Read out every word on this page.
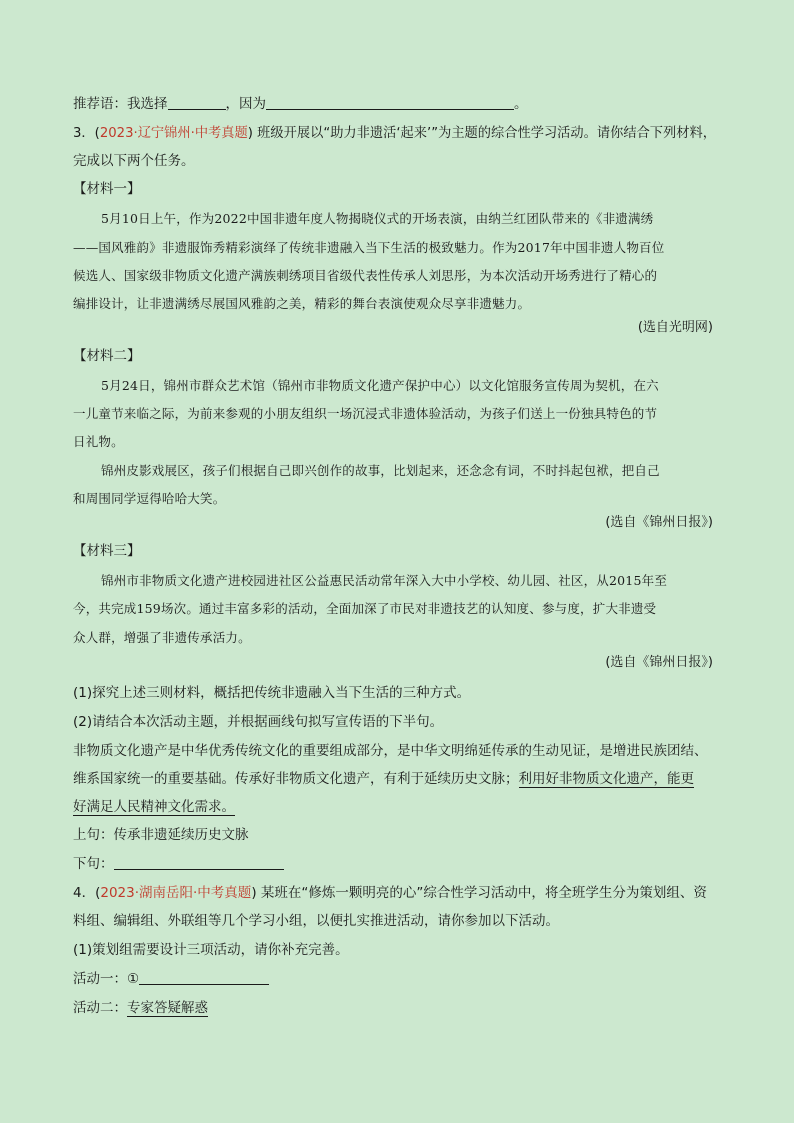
推荐语：我选择	，因为	。
3．(2023·辽宁锦州·中考真题) 班级开展以“助力非遗活‘起来’”为主题的综合性学习活动。请你结合下列材料，
完成以下两个任务。
【材料一】
5月10日上午，作为2022中国非遗年度人物揭晓仪式的开场表演，由纳兰红团队带来的《非遗满绣
——国风雅韵》非遗服饰秀精彩演绎了传统非遗融入当下生活的极致魅力。作为2017年中国非遗人物百位
候选人、国家级非物质文化遗产满族刺绣项目省级代表性传承人刘思彤，为本次活动开场秀进行了精心的
编排设计，让非遗满绣尽展国风雅韵之美，精彩的舞台表演使观众尽享非遗魅力。
(选自光明网)
【材料二】
5月24日，锦州市群众艺术馆（锦州市非物质文化遗产保护中心）以文化馆服务宣传周为契机，在六
一儿童节来临之际，为前来参观的小朋友组织一场沉浸式非遗体验活动，为孩子们送上一份独具特色的节
日礼物。
锦州皮影戏展区，孩子们根据自己即兴创作的故事，比划起来，还念念有词，不时抖起包袱，把自己
和周围同学逗得哈哈大笑。
(选自《锦州日报》)
【材料三】
锦州市非物质文化遗产进校园进社区公益惠民活动常年深入大中小学校、幼儿园、社区，从2015年至
今，共完成159场次。通过丰富多彩的活动，全面加深了市民对非遗技艺的认知度、参与度，扩大非遗受
众人群，增强了非遗传承活力。
(选自《锦州日报》)
(1)探究上述三则材料，概括把传统非遗融入当下生活的三种方式。
(2)请结合本次活动主题，并根据画线句拟写宣传语的下半句。
非物质文化遗产是中华优秀传统文化的重要组成部分，是中华文明绵延传承的生动见证，是增进民族团结、
维系国家统一的重要基础。传承好非物质文化遗产，有利于延续历史文脉；利用好非物质文化遗产，能更
好满足人民精神文化需求。
上句：传承非遗延续历史文脉
下句：
4．(2023·湖南岳阳·中考真题) 某班在“修炼一颗明亮的心”综合性学习活动中，将全班学生分为策划组、资
料组、编辑组、外联组等几个学习小组，以便扎实推进活动，请你参加以下活动。
(1)策划组需要设计三项活动，请你补充完善。
活动一：①
活动二：专家答疑解惑
